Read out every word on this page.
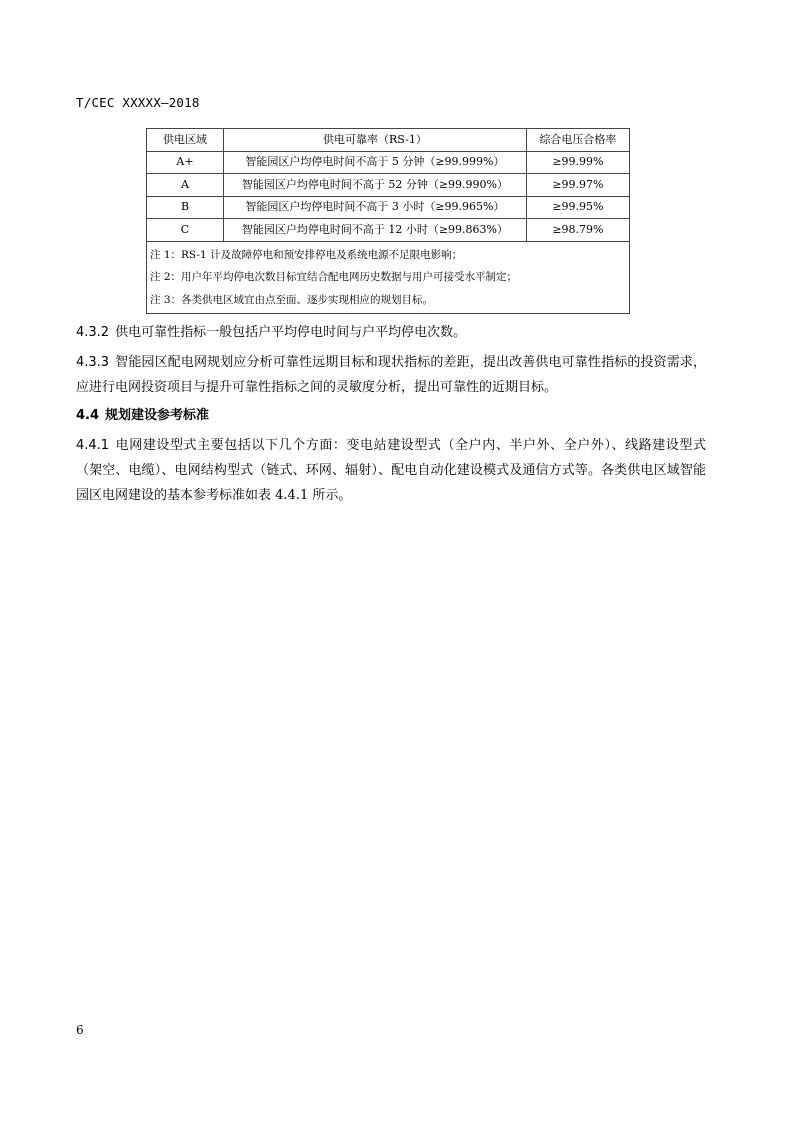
T/CEC XXXXX—2018
供电区域	供电可靠率（RS-1）	综合电压合格率
A+	智能园区户均停电时间不高于 5 分钟（≥99.999%）	≥99.99%
A	智能园区户均停电时间不高于 52 分钟（≥99.990%）	≥99.97%
B	智能园区户均停电时间不高于 3 小时（≥99.965%）	≥99.95%
C	智能园区户均停电时间不高于 12 小时（≥99.863%）	≥98.79%

注 1：RS-1 计及故障停电和预安排停电及系统电源不足限电影响；
注 2：用户年平均停电次数目标宜结合配电网历史数据与用户可接受水平制定；
注 3：各类供电区域宜由点至面、逐步实现相应的规划目标。		
4.3.2 供电可靠性指标一般包括户平均停电时间与户平均停电次数。
4.3.3 智能园区配电网规划应分析可靠性远期目标和现状指标的差距，提出改善供电可靠性指标的投资需求，应进行电网投资项目与提升可靠性指标之间的灵敏度分析，提出可靠性的近期目标。
4.4 规划建设参考标准
4.4.1 电网建设型式主要包括以下几个方面：变电站建设型式（全户内、半户外、全户外）、线路建设型式（架空、电缆）、电网结构型式（链式、环网、辐射）、配电自动化建设模式及通信方式等。各类供电区域智能园区电网建设的基本参考标准如表 4.4.1 所示。
6
